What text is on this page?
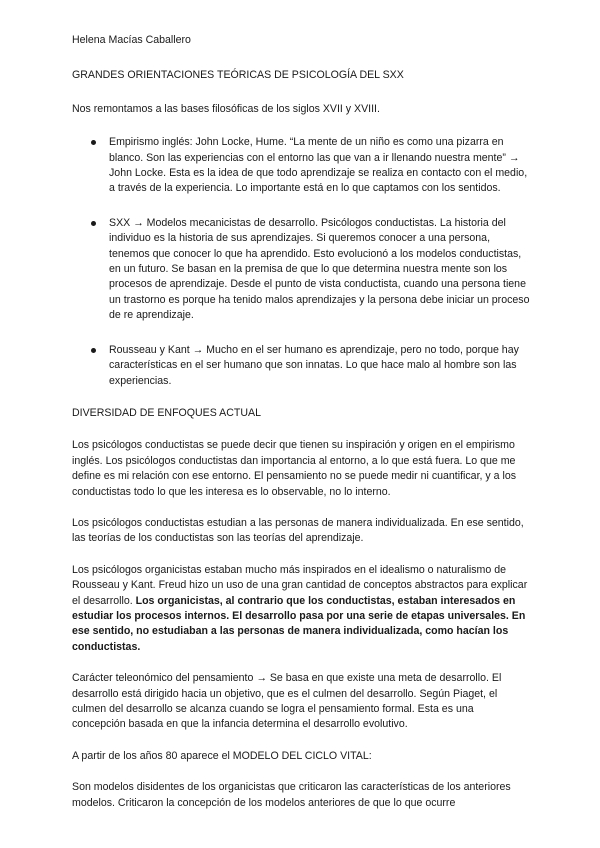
Helena Macías Caballero

GRANDES ORIENTACIONES TEÓRICAS DE PSICOLOGÍA DEL SXX

Nos remontamos a las bases filosóficas de los siglos XVII y XVIII.

Empirismo inglés: John Locke, Hume. “La mente de un niño es como una pizarra en blanco. Son las experiencias con el entorno las que van a ir llenando nuestra mente” → John Locke. Esta es la idea de que todo aprendizaje se realiza en contacto con el medio, a través de la experiencia. Lo importante está en lo que captamos con los sentidos.
SXX → Modelos mecanicistas de desarrollo. Psicólogos conductistas. La historia del individuo es la historia de sus aprendizajes. Si queremos conocer a una persona, tenemos que conocer lo que ha aprendido. Esto evolucionó a los modelos conductistas, en un futuro. Se basan en la premisa de que lo que determina nuestra mente son los procesos de aprendizaje. Desde el punto de vista conductista, cuando una persona tiene un trastorno es porque ha tenido malos aprendizajes y la persona debe iniciar un proceso de re aprendizaje.
Rousseau y Kant → Mucho en el ser humano es aprendizaje, pero no todo, porque hay características en el ser humano que son innatas. Lo que hace malo al hombre son las experiencias.

DIVERSIDAD DE ENFOQUES ACTUAL

Los psicólogos conductistas se puede decir que tienen su inspiración y origen en el empirismo inglés. Los psicólogos conductistas dan importancia al entorno, a lo que está fuera. Lo que me define es mi relación con ese entorno. El pensamiento no se puede medir ni cuantificar, y a los conductistas todo lo que les interesa es lo observable, no lo interno.

Los psicólogos conductistas estudian a las personas de manera individualizada. En ese sentido, las teorías de los conductistas son las teorías del aprendizaje.

Los psicólogos organicistas estaban mucho más inspirados en el idealismo o naturalismo de Rousseau y Kant. Freud hizo un uso de una gran cantidad de conceptos abstractos para explicar el desarrollo. Los organicistas, al contrario que los conductistas, estaban interesados en estudiar los procesos internos. El desarrollo pasa por una serie de etapas universales. En ese sentido, no estudiaban a las personas de manera individualizada, como hacían los conductistas.

Carácter teleonómico del pensamiento → Se basa en que existe una meta de desarrollo. El desarrollo está dirigido hacia un objetivo, que es el culmen del desarrollo. Según Piaget, el culmen del desarrollo se alcanza cuando se logra el pensamiento formal. Esta es una concepción basada en que la infancia determina el desarrollo evolutivo.

A partir de los años 80 aparece el MODELO DEL CICLO VITAL:

Son modelos disidentes de los organicistas que criticaron las características de los anteriores modelos. Criticaron la concepción de los modelos anteriores de que lo que ocurre
